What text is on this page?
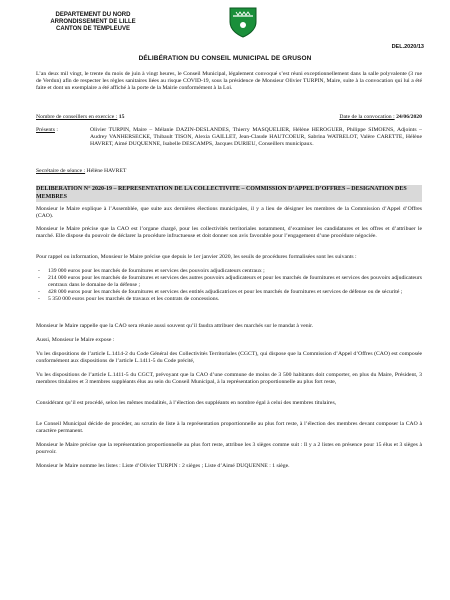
DEPARTEMENT DU NORD
ARRONDISSEMENT DE LILLE
CANTON DE TEMPLEUVE
DEL.2020/13
DÉLIBÉRATION DU CONSEIL MUNICIPAL DE GRUSON
L’an deux mil vingt, le trente du mois de juin à vingt heures, le Conseil Municipal, légalement convoqué s’est réuni exceptionnellement dans la salle polyvalente (3 rue de Verdun) afin de respecter les règles sanitaires liées au risque COVID-19, sous la présidence de Monsieur Olivier TURPIN, Maire, suite à la convocation qui lui a été faite et dont un exemplaire a été affiché à la porte de la Mairie conformément à la Loi.
Nombre de conseillers en exercice : 15	Date de la convocation : 24/06/2020
Présents :	Olivier TURPIN, Maire – Mélanie DAZIN-DESLANDES, Thierry MASQUELIER, Hélène HEROGUER, Philippe SIMOENS, Adjoints – Audrey VANHERSECKE, Thibault TISON, Alexia GAILLET, Jean-Claude HAUTCOEUR, Sabrina WATRELOT, Valère CARETTE, Hélène HAVRET, Aimé DUQUENNE, Isabelle DESCAMPS, Jacques DURIEU, Conseillers municipaux.
Secrétaire de séance : Hélène HAVRET
DELIBERATION N° 2020-19 – REPRESENTATION DE LA COLLECTIVITE – COMMISSION D’APPEL D’OFFRES – DESIGNATION DES MEMBRES
Monsieur le Maire explique à l’Assemblée, que suite aux dernières élections municipales, il y a lieu de désigner les membres de la Commission d’Appel d’Offres (CAO).
Monsieur le Maire précise que la CAO est l’organe chargé, pour les collectivités territoriales notamment, d’examiner les candidatures et les offres et d’attribuer le marché. Elle dispose du pouvoir de déclarer la procédure infructueuse et doit donner son avis favorable pour l’engagement d’une procédure négociée.
Pour rappel ou information, Monsieur le Maire précise que depuis le 1er janvier 2020, les seuils de procédures formalisées sont les suivants :
- 139 000 euros pour les marchés de fournitures et services des pouvoirs adjudicateurs centraux ;
- 214 000 euros pour les marchés de fournitures et services des autres pouvoirs adjudicateurs et pour les marchés de fournitures et services des pouvoirs adjudicateurs centraux dans le domaine de la défense ;
- 428 000 euros pour les marchés de fournitures et services des entités adjudicatrices et pour les marchés de fournitures et services de défense ou de sécurité ;
- 5 350 000 euros pour les marchés de travaux et les contrats de concessions.
Monsieur le Maire rappelle que la CAO sera réunie aussi souvent qu’il faudra attribuer des marchés sur le mandat à venir.
Aussi, Monsieur le Maire expose :
Vu les dispositions de l’article L.1414-2 du Code Général des Collectivités Territoriales (CGCT), qui dispose que la Commission d’Appel d’Offres (CAO) est composée conformément aux dispositions de l’article L.1411-5 du Code précité,
Vu les dispositions de l’article L.1411-5 du CGCT, prévoyant que la CAO d’une commune de moins de 3 500 habitants doit comporter, en plus du Maire, Président, 3 membres titulaires et 3 membres suppléants élus au sein du Conseil Municipal, à la représentation proportionnelle au plus fort reste,
Considérant qu’il est procédé, selon les mêmes modalités, à l’élection des suppléants en nombre égal à celui des membres titulaires,
Le Conseil Municipal décide de procéder, au scrutin de liste à la représentation proportionnelle au plus fort reste, à l’élection des membres devant composer la CAO à caractère permanent.
Monsieur le Maire précise que la représentation proportionnelle au plus fort reste, attribue les 3 sièges comme suit : Il y a 2 listes en présence pour 15 élus et 3 sièges à pourvoir.
Monsieur le Maire nomme les listes : Liste d’Olivier TURPIN : 2 sièges ; Liste d’Aimé DUQUENNE : 1 siège.
